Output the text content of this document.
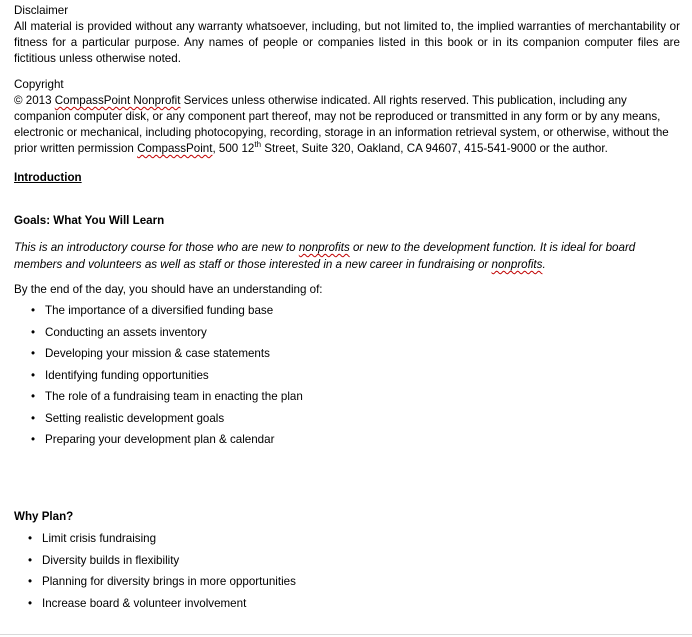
Disclaimer

All material is provided without any warranty whatsoever, including, but not limited to, the implied warranties of merchantability or fitness for a particular purpose. Any names of people or companies listed in this book or in its companion computer files are fictitious unless otherwise noted.

Copyright

© 2013 CompassPoint Nonprofit Services unless otherwise indicated. All rights reserved. This publication, including any companion computer disk, or any component part thereof, may not be reproduced or transmitted in any form or by any means, electronic or mechanical, including photocopying, recording, storage in an information retrieval system, or otherwise, without the prior written permission CompassPoint, 500 12th Street, Suite 320, Oakland, CA 94607, 415-541-9000 or the author.

Introduction

Goals: What You Will Learn

This is an introductory course for those who are new to nonprofits or new to the development function. It is ideal for board members and volunteers as well as staff or those interested in a new career in fundraising or nonprofits.

By the end of the day, you should have an understanding of:

• The importance of a diversified funding base
• Conducting an assets inventory
• Developing your mission & case statements
• Identifying funding opportunities
• The role of a fundraising team in enacting the plan
• Setting realistic development goals
• Preparing your development plan & calendar

Why Plan?

• Limit crisis fundraising
• Diversity builds in flexibility
• Planning for diversity brings in more opportunities
• Increase board & volunteer involvement
